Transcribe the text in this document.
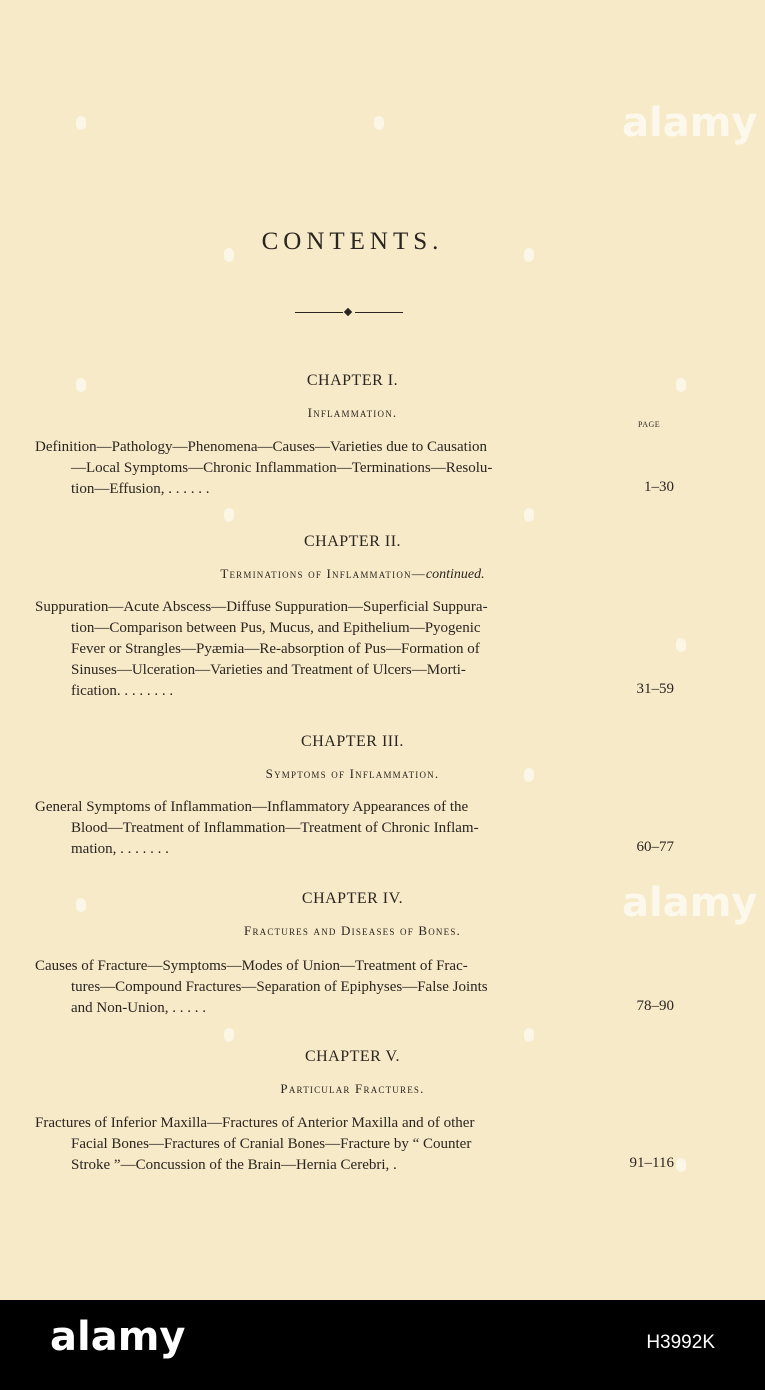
CONTENTS.
PAGE
CHAPTER I.
Inflammation.
Definition—Pathology—Phenomena—Causes—Varieties due to Causation
—Local Symptoms—Chronic Inflammation—Terminations—Resolu-
tion—Effusion, . . . . . .	1–30
CHAPTER II.
Terminations of Inflammation—continued.
Suppuration—Acute Abscess—Diffuse Suppuration—Superficial Suppura-
tion—Comparison between Pus, Mucus, and Epithelium—Pyogenic
Fever or Strangles—Pyæmia—Re-absorption of Pus—Formation of
Sinuses—Ulceration—Varieties and Treatment of Ulcers—Morti-
fication. . . . . . . .	31–59
CHAPTER III.
Symptoms of Inflammation.
General Symptoms of Inflammation—Inflammatory Appearances of the
Blood—Treatment of Inflammation—Treatment of Chronic Inflam-
mation, . . . . . . .	60–77
CHAPTER IV.
Fractures and Diseases of Bones.
Causes of Fracture—Symptoms—Modes of Union—Treatment of Frac-
tures—Compound Fractures—Separation of Epiphyses—False Joints
and Non-Union, . . . . .	78–90
CHAPTER V.
Particular Fractures.
Fractures of Inferior Maxilla—Fractures of Anterior Maxilla and of other
Facial Bones—Fractures of Cranial Bones—Fracture by “ Counter
Stroke ”—Concussion of the Brain—Hernia Cerebri, .	91–116
alamy
alamy
alamy	H3992K
